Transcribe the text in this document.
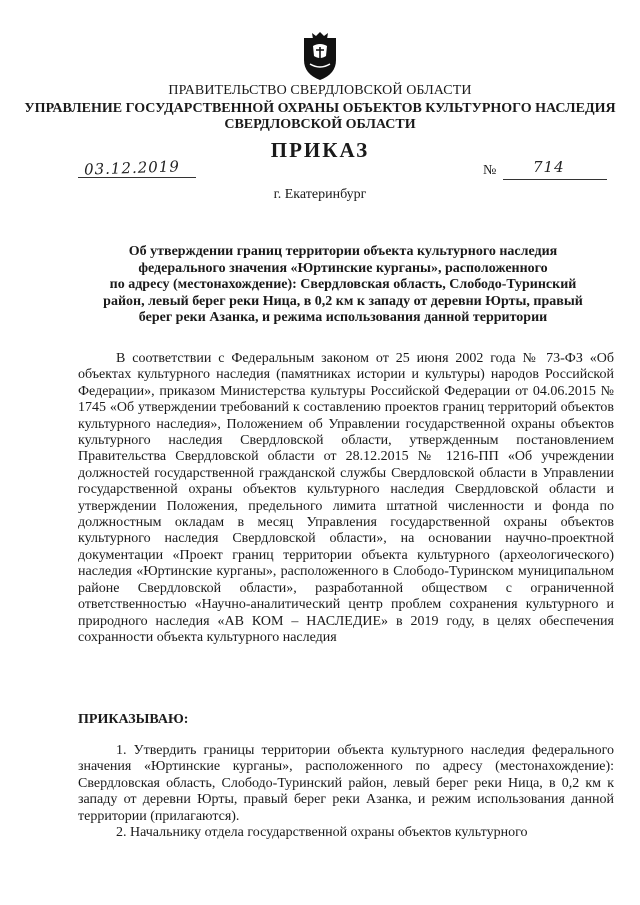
ПРАВИТЕЛЬСТВО СВЕРДЛОВСКОЙ ОБЛАСТИ
УПРАВЛЕНИЕ ГОСУДАРСТВЕННОЙ ОХРАНЫ ОБЪЕКТОВ КУЛЬТУРНОГО НАСЛЕДИЯ
СВЕРДЛОВСКОЙ ОБЛАСТИ
ПРИКАЗ
03.12.2019	№ 714
г. Екатеринбург
Об утверждении границ территории объекта культурного наследия
федерального значения «Юртинские курганы», расположенного
по адресу (местонахождение): Свердловская область, Слободо-Туринский
район, левый берег реки Ница, в 0,2 км к западу от деревни Юрты, правый
берег реки Азанка, и режима использования данной территории

В соответствии с Федеральным законом от 25 июня 2002 года № 73-ФЗ «Об объектах культурного наследия (памятниках истории и культуры) народов Российской Федерации», приказом Министерства культуры Российской Федерации от 04.06.2015 № 1745 «Об утверждении требований к составлению проектов границ территорий объектов культурного наследия», Положением об Управлении государственной охраны объектов культурного наследия Свердловской области, утвержденным постановлением Правительства Свердловской области от 28.12.2015 № 1216-ПП «Об учреждении должностей государственной гражданской службы Свердловской области в Управлении государственной охраны объектов культурного наследия Свердловской области и утверждении Положения, предельного лимита штатной численности и фонда по должностным окладам в месяц Управления государственной охраны объектов культурного наследия Свердловской области», на основании научно-проектной документации «Проект границ территории объекта культурного (археологического) наследия «Юртинские курганы», расположенного в Слободо-Туринском муниципальном районе Свердловской области», разработанной обществом с ограниченной ответственностью «Научно-аналитический центр проблем сохранения культурного и природного наследия «АВ КОМ – НАСЛЕДИЕ» в 2019 году, в целях обеспечения сохранности объекта культурного наследия

ПРИКАЗЫВАЮ:

1. Утвердить границы территории объекта культурного наследия федерального значения «Юртинские курганы», расположенного по адресу (местонахождение): Свердловская область, Слободо-Туринский район, левый берег реки Ница, в 0,2 км к западу от деревни Юрты, правый берег реки Азанка, и режим использования данной территории (прилагаются).

2. Начальнику отдела государственной охраны объектов культурного
